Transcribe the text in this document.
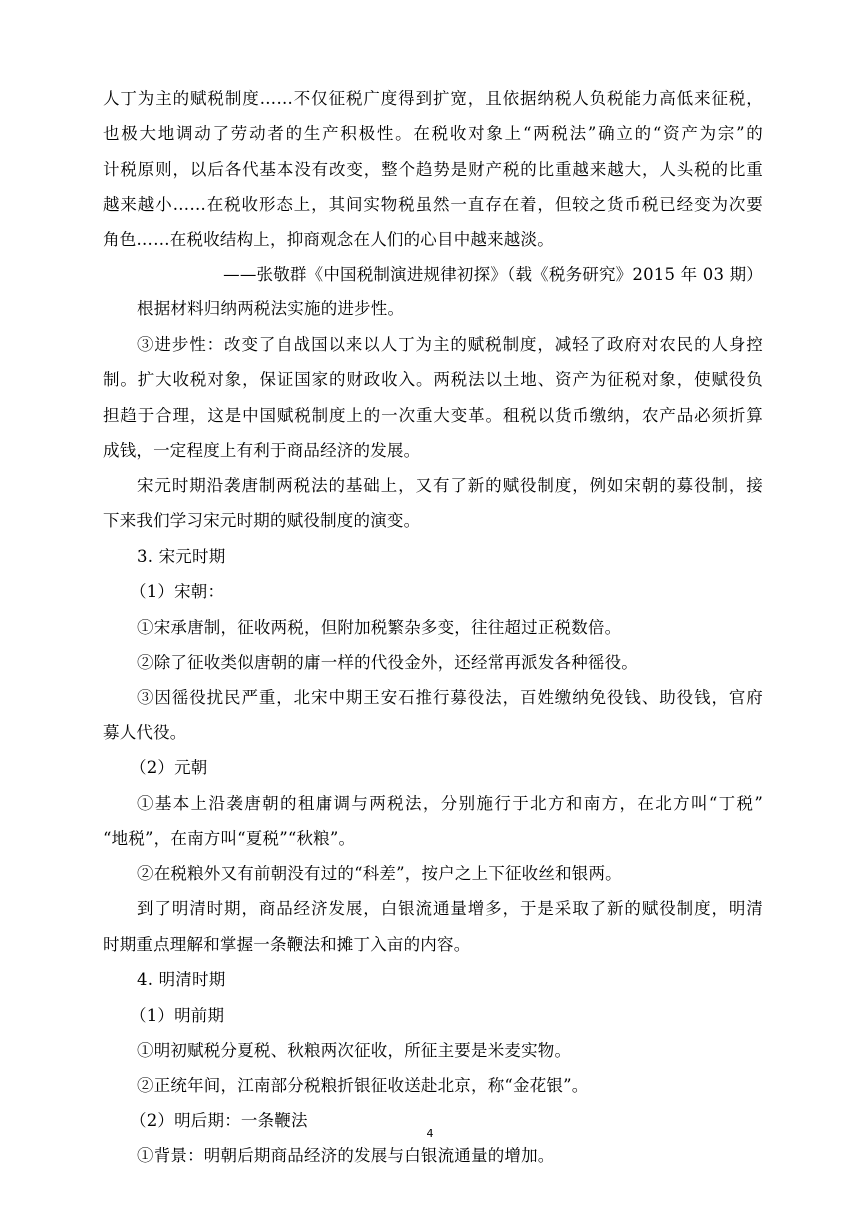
人丁为主的赋税制度……不仅征税广度得到扩宽，且依据纳税人负税能力高低来征税，
也极大地调动了劳动者的生产积极性。在税收对象上“两税法”确立的“资产为宗”的
计税原则，以后各代基本没有改变，整个趋势是财产税的比重越来越大，人头税的比重
越来越小……在税收形态上，其间实物税虽然一直存在着，但较之货币税已经变为次要
角色……在税收结构上，抑商观念在人们的心目中越来越淡。
——张敬群《中国税制演进规律初探》（载《税务研究》2015 年 03 期）
根据材料归纳两税法实施的进步性。
③进步性：改变了自战国以来以人丁为主的赋税制度，减轻了政府对农民的人身控
制。扩大收税对象，保证国家的财政收入。两税法以土地、资产为征税对象，使赋役负
担趋于合理，这是中国赋税制度上的一次重大变革。租税以货币缴纳，农产品必须折算
成钱，一定程度上有利于商品经济的发展。
宋元时期沿袭唐制两税法的基础上，又有了新的赋役制度，例如宋朝的募役制，接
下来我们学习宋元时期的赋役制度的演变。
3. 宋元时期
（1）宋朝：
①宋承唐制，征收两税，但附加税繁杂多变，往往超过正税数倍。
②除了征收类似唐朝的庸一样的代役金外，还经常再派发各种徭役。
③因徭役扰民严重，北宋中期王安石推行募役法，百姓缴纳免役钱、助役钱，官府
募人代役。
（2）元朝
①基本上沿袭唐朝的租庸调与两税法，分别施行于北方和南方，在北方叫“丁税”
“地税”，在南方叫“夏税”“秋粮”。
②在税粮外又有前朝没有过的“科差”，按户之上下征收丝和银两。
到了明清时期，商品经济发展，白银流通量增多，于是采取了新的赋役制度，明清
时期重点理解和掌握一条鞭法和摊丁入亩的内容。
4. 明清时期
（1）明前期
①明初赋税分夏税、秋粮两次征收，所征主要是米麦实物。
②正统年间，江南部分税粮折银征收送赴北京，称“金花银”。
（2）明后期：一条鞭法
①背景：明朝后期商品经济的发展与白银流通量的增加。
4
